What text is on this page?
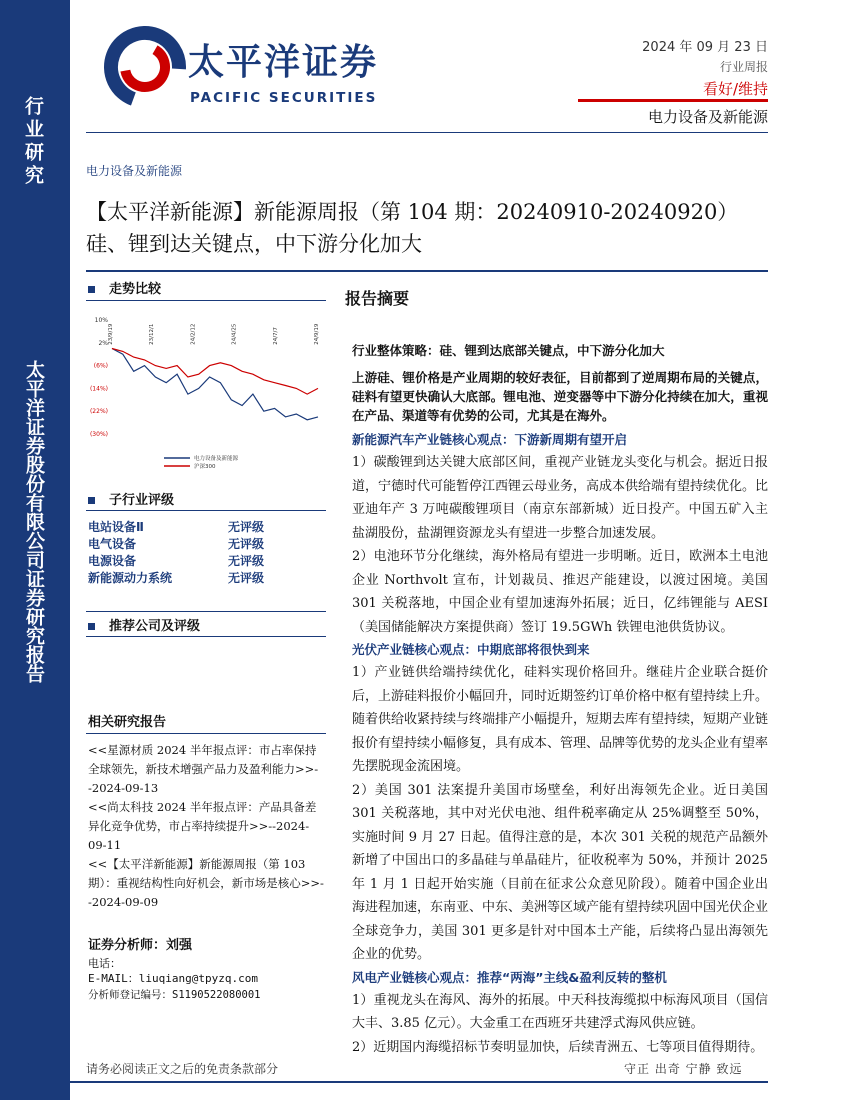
行业研究
太平洋证券股份有限公司证券研究报告
太平洋证券
PACIFIC SECURITIES
2024 年 09 月 23 日
行业周报
看好/维持
电力设备及新能源
电力设备及新能源
【太平洋新能源】新能源周报（第 104 期：20240910-20240920）
硅、锂到达关键点，中下游分化加大
走势比较
10%
2%
(6%)
(14%)
(22%)
(30%)
23/9/19	23/12/1	24/2/12	24/4/25	24/7/7	24/9/19
电力设备及新能源
沪深300
子行业评级
电站设备Ⅱ	无评级
电气设备	无评级
电源设备	无评级
新能源动力系统	无评级
推荐公司及评级
相关研究报告
<<星源材质 2024 半年报点评：市占率保持全球领先，新技术增强产品力及盈利能力>>--2024-09-13
<<尚太科技 2024 半年报点评：产品具备差异化竞争优势，市占率持续提升>>--2024-09-11
<<【太平洋新能源】新能源周报（第 103 期）：重视结构性向好机会，新市场是核心>>--2024-09-09
证券分析师：刘强
电话：
E-MAIL：liuqiang@tpyzq.com
分析师登记编号：S1190522080001
报告摘要
行业整体策略：硅、锂到达底部关键点，中下游分化加大
上游硅、锂价格是产业周期的较好表征，目前都到了逆周期布局的关键点，硅料有望更快确认大底部。锂电池、逆变器等中下游分化持续在加大，重视在产品、渠道等有优势的公司，尤其是在海外。
新能源汽车产业链核心观点：下游新周期有望开启
1）碳酸锂到达关键大底部区间，重视产业链龙头变化与机会。据近日报道，宁德时代可能暂停江西锂云母业务，高成本供给端有望持续优化。比亚迪年产 3 万吨碳酸锂项目（南京东部新城）近日投产。中国五矿入主盐湖股份，盐湖锂资源龙头有望进一步整合加速发展。
2）电池环节分化继续，海外格局有望进一步明晰。近日，欧洲本土电池企业 Northvolt 宣布，计划裁员、推迟产能建设，以渡过困境。美国 301 关税落地，中国企业有望加速海外拓展；近日，亿纬锂能与 AESI（美国储能解决方案提供商）签订 19.5GWh 铁锂电池供货协议。
光伏产业链核心观点：中期底部将很快到来
1）产业链供给端持续优化，硅料实现价格回升。继硅片企业联合挺价后，上游硅料报价小幅回升，同时近期签约订单价格中枢有望持续上升。随着供给收紧持续与终端排产小幅提升，短期去库有望持续，短期产业链报价有望持续小幅修复，具有成本、管理、品牌等优势的龙头企业有望率先摆脱现金流困境。
2）美国 301 法案提升美国市场壁垒，利好出海领先企业。近日美国 301 关税落地，其中对光伏电池、组件税率确定从 25%调整至 50%，实施时间 9 月 27 日起。值得注意的是，本次 301 关税的规范产品额外新增了中国出口的多晶硅与单晶硅片，征收税率为 50%，并预计 2025 年 1 月 1 日起开始实施（目前在征求公众意见阶段）。随着中国企业出海进程加速，东南亚、中东、美洲等区域产能有望持续巩固中国光伏企业全球竞争力，美国 301 更多是针对中国本土产能，后续将凸显出海领先企业的优势。
风电产业链核心观点：推荐“两海”主线&盈利反转的整机
1）重视龙头在海风、海外的拓展。中天科技海缆拟中标海风项目（国信大丰、3.85 亿元）。大金重工在西班牙共建浮式海风供应链。
2）近期国内海缆招标节奏明显加快，后续青洲五、七等项目值得期待。
请务必阅读正文之后的免责条款部分	守正 出奇 宁静 致远
